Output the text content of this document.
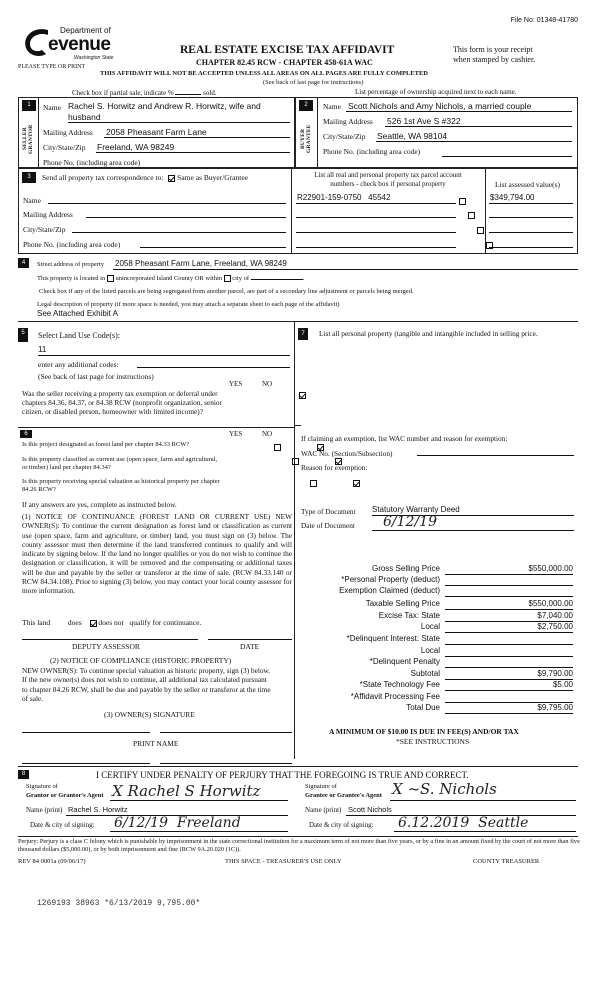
File No: 01348-41780
Department of
evenue
Washington State
PLEASE TYPE OR PRINT
REAL ESTATE EXCISE TAX AFFIDAVIT
CHAPTER 82.45 RCW - CHAPTER 458-61A WAC
This form is your receipt
when stamped by cashier.
THIS AFFIDAVIT WILL NOT BE ACCEPTED UNLESS ALL AREAS ON ALL PAGES ARE FULLY COMPLETED
(See back of last page for instructions)
Check box if partial sale, indicate %	sold.	List percentage of ownership acquired next to each name.
1
SELLER GRANTOR
Name Rachel S. Horwitz and Andrew R. Horwitz, wife and
husband
Mailing Address 2058 Pheasant Farm Lane
City/State/Zip Freeland, WA 98249
Phone No. (including area code)
2
BUYER GRANTEE
Name Scott Nichols and Amy Nichols, a married couple
Mailing Address 526 1st Ave S #322
City/State/Zip Seattle, WA 98104
Phone No. (including area code)
3	Send all property tax correspondence to: Same as Buyer/Grantee
Name
Mailing Address
City/State/Zip
Phone No. (including area code)
List all real and personal property tax parcel account
numbers - check box if personal property	List assessed value(s)
R22901-159-0750   45542
	$349,794.00

4	Street address of property 2058 Pheasant Farm Lane, Freeland, WA 98249
This property is located in unincorporated Island County OR within city of	.
Check box if any of the listed parcels are being segregated from another parcel, are part of a secondary line adjustment or parcels being merged.
Legal description of property (if more space is needed, you may attach a separate sheet to each page of the affidavit)
See Attached Exhibit A
5	Select Land Use Code(s):
11
enter any additional codes:
(See back of last page for instructions)
YES	NO
Was the seller receiving a property tax exemption or deferral under chapters 84.36, 84.37, or 84.38 RCW (nonprofit organization, senior citizen, or disabled person, homeowner with limited income)?

6	YES	NO
Is this project designated as forest land per chapter 84.33 RCW?

Is this property classified as current use (open space, farm and agricultural, or timber) land per chapter 84.34?

Is this property receiving special valuation as historical property per chapter 84.26 RCW?

If any answers are yes, complete as instructed below.
(1) NOTICE OF CONTINUANCE (FOREST LAND OR CURRENT USE) NEW OWNER(S): To continue the current designation as forest land or classification as current use (open space, farm and agriculture, or timber) land, you must sign on (3) below. The county assessor must then determine if the land transferred continues to qualify and will indicate by signing below. If the land no longer qualifies or you do not wish to continue the designation or classification, it will be removed and the compensating or additional taxes will be due and payable by the seller or transferor at the time of sale. (RCW 84.33.140 or RCW 84.34.108). Prior to signing (3) below, you may contact your local county assessor for more information.
This land does does not qualify for continuance.
DEPUTY ASSESSOR	DATE
(2) NOTICE OF COMPLIANCE (HISTORIC PROPERTY)
NEW OWNER(S): To continue special valuation as historic property, sign (3) below. If the new owner(s) does not wish to continue, all additional tax calculated pursuant to chapter 84.26 RCW, shall be due and payable by the seller or transferor at the time of sale.
(3) OWNER(S) SIGNATURE
PRINT NAME
7	List all personal property (tangible and intangible included in selling price.
If claiming an exemption, list WAC number and reason for exemption:
WAC No. (Section/Subsection)
Reason for exemption:
Type of Document Statutory Warranty Deed
Date of Document 6/12/19
Gross Selling Price	$550,000.00
*Personal Property (deduct)
Exemption Claimed (deduct)
Taxable Selling Price	$550,000.00
Excise Tax: State	$7,040.00
Local	$2,750.00
*Delinquent Interest: State
Local
*Delinquent Penalty
Subtotal	$9,790.00
*State Technology Fee	$5.00
*Affidavit Processing Fee
Total Due	$9,795.00
A MINIMUM OF $10.00 IS DUE IN FEE(S) AND/OR TAX
*SEE INSTRUCTIONS
8	I CERTIFY UNDER PENALTY OF PERJURY THAT THE FOREGOING IS TRUE AND CORRECT.
Signature of
Grantor or Grantor's Agent X Rachel S Horwitz
Name (print) Rachel S. Horwitz
Date & city of signing: 6/12/19  Freeland
Signature of
Grantee or Grantee's Agent X ~S. Nichols
Name (print) Scott Nichols
Date & city of signing: 6.12.2019  Seattle
Perjury: Perjury is a class C felony which is punishable by imprisonment in the state correctional institution for a maximum term of not more than five years, or by a fine in an amount fixed by the court of not more than five thousand dollars ($5,000.00), or by both imprisonment and fine (RCW 9A.20.020 (1C)).
REV 84 0001a (09/06/17)	THIS SPACE - TREASURER'S USE ONLY	COUNTY TREASURER
1269193 38963 *6/13/2019 9,795.00*
